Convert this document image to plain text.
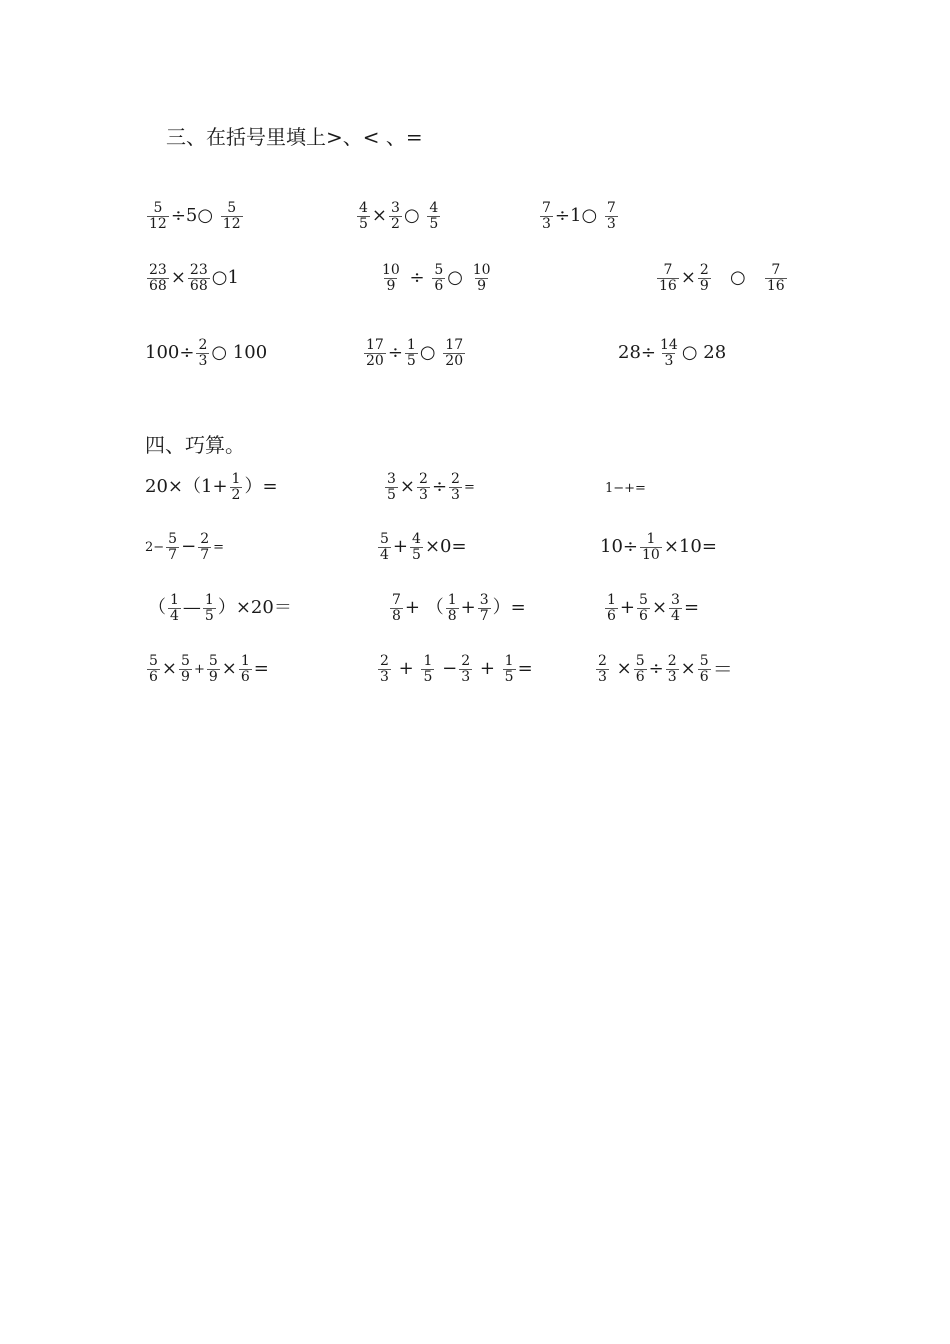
三、在括号里填上>、< 、=
$\frac{5}{12}$ ÷5○ $\frac{5}{12}$	$\frac{4}{5} \times \frac{3}{2}$ ○ $\frac{4}{5}$	$\frac{7}{3}$ ÷1○ $\frac{7}{3}$
$\frac{23}{68} \times \frac{23}{68}$ ○1	$\frac{10}{9} \div \frac{5}{6}$ ○ $\frac{10}{9}$	$\frac{7}{16} \times \frac{2}{9}$ ○ $\frac{7}{16}$
$100\div \frac{2}{3}$ ○ 100	$\frac{17}{20} \div \frac{1}{5}$ ○ $\frac{17}{20}$	$28\div \frac{14}{3}$ ○ 28
四、巧算。
$20\times(1+ \frac{1}{2}$ ）=	$\frac{3}{5} \times \frac{2}{3} \div \frac{2}{3}$ =	1−+=
$2- \frac{5}{7} - \frac{2}{7}$ =	$\frac{5}{4} + \frac{4}{5} \times 0=$	$10\div \frac{1}{10} \times 10=$
（ $\frac{1}{4}$ — $\frac{1}{5} )\times 20=$	$\frac{7}{8}$ + （ $\frac{1}{8} + \frac{3}{7}$ ）=	$\frac{1}{6} + \frac{5}{6} \times \frac{3}{4}$ =
$\frac{5}{6} \times \frac{5}{9} + \frac{5}{9} \times \frac{1}{6}$ =	$\frac{2}{3} + \frac{1}{5} - \frac{2}{3} + \frac{1}{5}$ =	$\frac{2}{3} \times \frac{5}{6} \div \frac{2}{3} \times \frac{5}{6}$ ＝
